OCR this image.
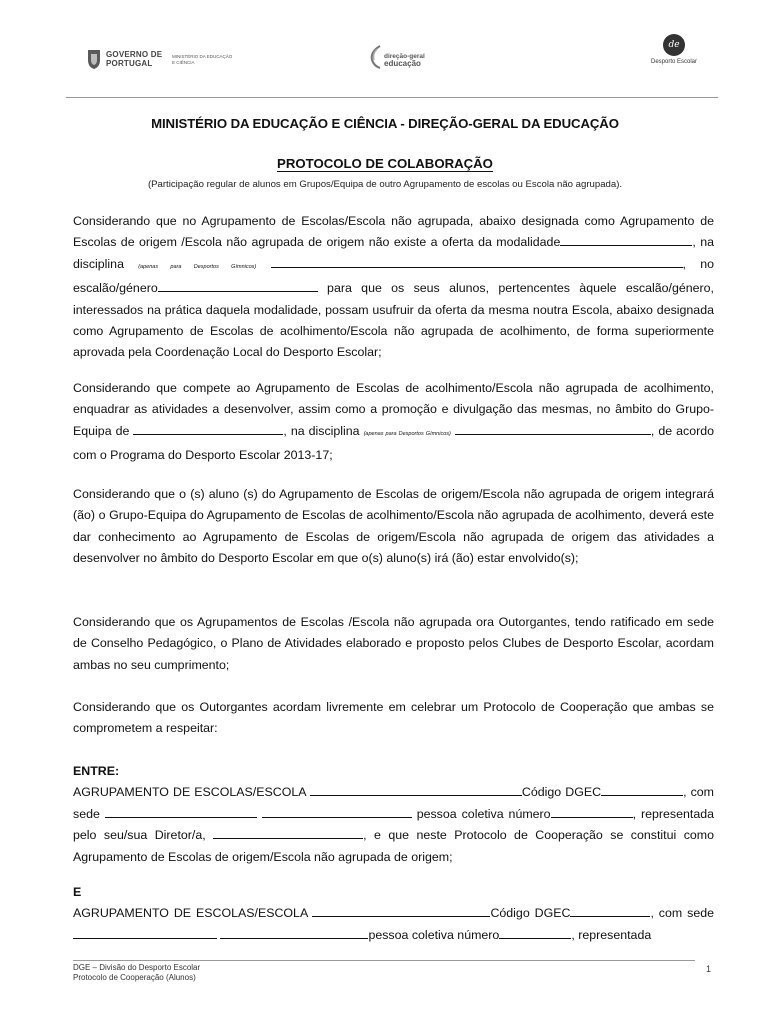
GOVERNO DE
PORTUGAL
MINISTÉRIO DA EDUCAÇÃO
E CIÊNCIA
direção-geral
educação
de
Desporto Escolar
MINISTÉRIO DA EDUCAÇÃO E CIÊNCIA - DIREÇÃO-GERAL DA EDUCAÇÃO
PROTOCOLO DE COLABORAÇÃO
(Participação regular de alunos em Grupos/Equipa de outro Agrupamento de escolas ou Escola não agrupada).

Considerando que no Agrupamento de Escolas/Escola não agrupada, abaixo designada como Agrupamento de Escolas de origem /Escola não agrupada de origem não existe a oferta da modalidade	, na disciplina (apenas para Desportos Gímnicos)	, no escalão/género	para que os seus alunos, pertencentes àquele escalão/género, interessados na prática daquela modalidade, possam usufruir da oferta da mesma noutra Escola, abaixo designada como Agrupamento de Escolas de acolhimento/Escola não agrupada de acolhimento, de forma superiormente aprovada pela Coordenação Local do Desporto Escolar;

Considerando que compete ao Agrupamento de Escolas de acolhimento/Escola não agrupada de acolhimento, enquadrar as atividades a desenvolver, assim como a promoção e divulgação das mesmas, no âmbito do Grupo-Equipa de	, na disciplina (apenas para Desportos Gímnicos)	, de acordo com o Programa do Desporto Escolar 2013-17;

Considerando que o (s) aluno (s) do Agrupamento de Escolas de origem/Escola não agrupada de origem integrará (ão) o Grupo-Equipa do Agrupamento de Escolas de acolhimento/Escola não agrupada de acolhimento, deverá este dar conhecimento ao Agrupamento de Escolas de origem/Escola não agrupada de origem das atividades a desenvolver no âmbito do Desporto Escolar em que o(s) aluno(s) irá (ão) estar envolvido(s);

Considerando que os Agrupamentos de Escolas /Escola não agrupada ora Outorgantes, tendo ratificado em sede de Conselho Pedagógico, o Plano de Atividades elaborado e proposto pelos Clubes de Desporto Escolar, acordam ambas no seu cumprimento;

Considerando que os Outorgantes acordam livremente em celebrar um Protocolo de Cooperação que ambas se comprometem a respeitar:

ENTRE:

AGRUPAMENTO DE ESCOLAS/ESCOLA	Código DGEC	, com sede	pessoa coletiva número	, representada pelo seu/sua Diretor/a,	, e que neste Protocolo de Cooperação se constitui como Agrupamento de Escolas de origem/Escola não agrupada de origem;

E

AGRUPAMENTO DE ESCOLAS/ESCOLA	Código DGEC	, com sede  pessoa coletiva número	, representada

DGE – Divisão do Desporto Escolar
Protocolo de Cooperação (Alunos)
1
